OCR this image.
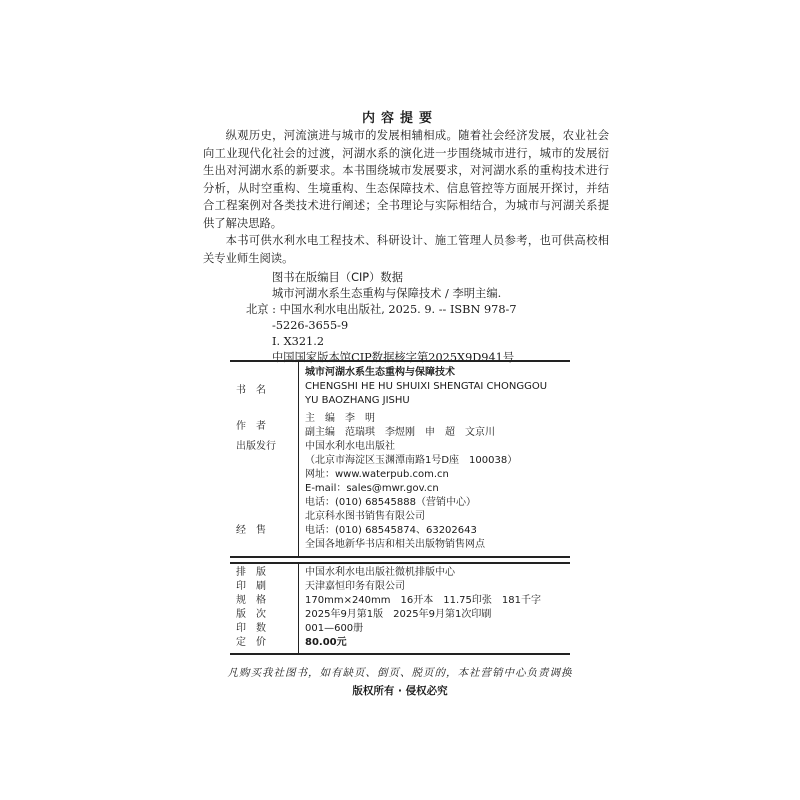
内容提要

纵观历史，河流演进与城市的发展相辅相成。随着社会经济发展，农业社会向工业现代化社会的过渡，河湖水系的演化进一步围绕城市进行，城市的发展衍生出对河湖水系的新要求。本书围绕城市发展要求，对河湖水系的重构技术进行分析，从时空重构、生境重构、生态保障技术、信息管控等方面展开探讨，并结合工程案例对各类技术进行阐述；全书理论与实际相结合，为城市与河湖关系提供了解决思路。

本书可供水利水电工程技术、科研设计、施工管理人员参考，也可供高校相关专业师生阅读。

图书在版编目（CIP）数据
城市河湖水系生态重构与保障技术 / 李明主编.
北京 : 中国水利水电出版社, 2025. 9. -- ISBN 978-7
-5226-3655-9
Ⅰ. X321.2
中国国家版本馆CIP数据核字第2025X9D941号
书　名	城市河湖水系生态重构与保障技术
CHENGSHI HE HU SHUIXI SHENGTAI CHONGGOU
YU BAOZHANG JISHU

作　者	主　编　李　明
副主编　范瑞琪　李煜刚　申　超　文京川

出版发行	中国水利水电出版社
（北京市海淀区玉渊潭南路1号D座　100038）
网址：www.waterpub.com.cn
E-mail：sales@mwr.gov.cn
电话：(010) 68545888（营销中心）

经　售	北京科水图书销售有限公司
电话：(010) 68545874、63202643
全国各地新华书店和相关出版物销售网点

排　版	中国水利水电出版社微机排版中心

印　刷	天津嘉恒印务有限公司

规　格	170mm×240mm　16开本　11.75印张　181千字

版　次	2025年9月第1版　2025年9月第1次印刷

印　数	001—600册

定　价	80.00元
凡购买我社图书，如有缺页、倒页、脱页的，本社营销中心负责调换
版权所有 · 侵权必究
